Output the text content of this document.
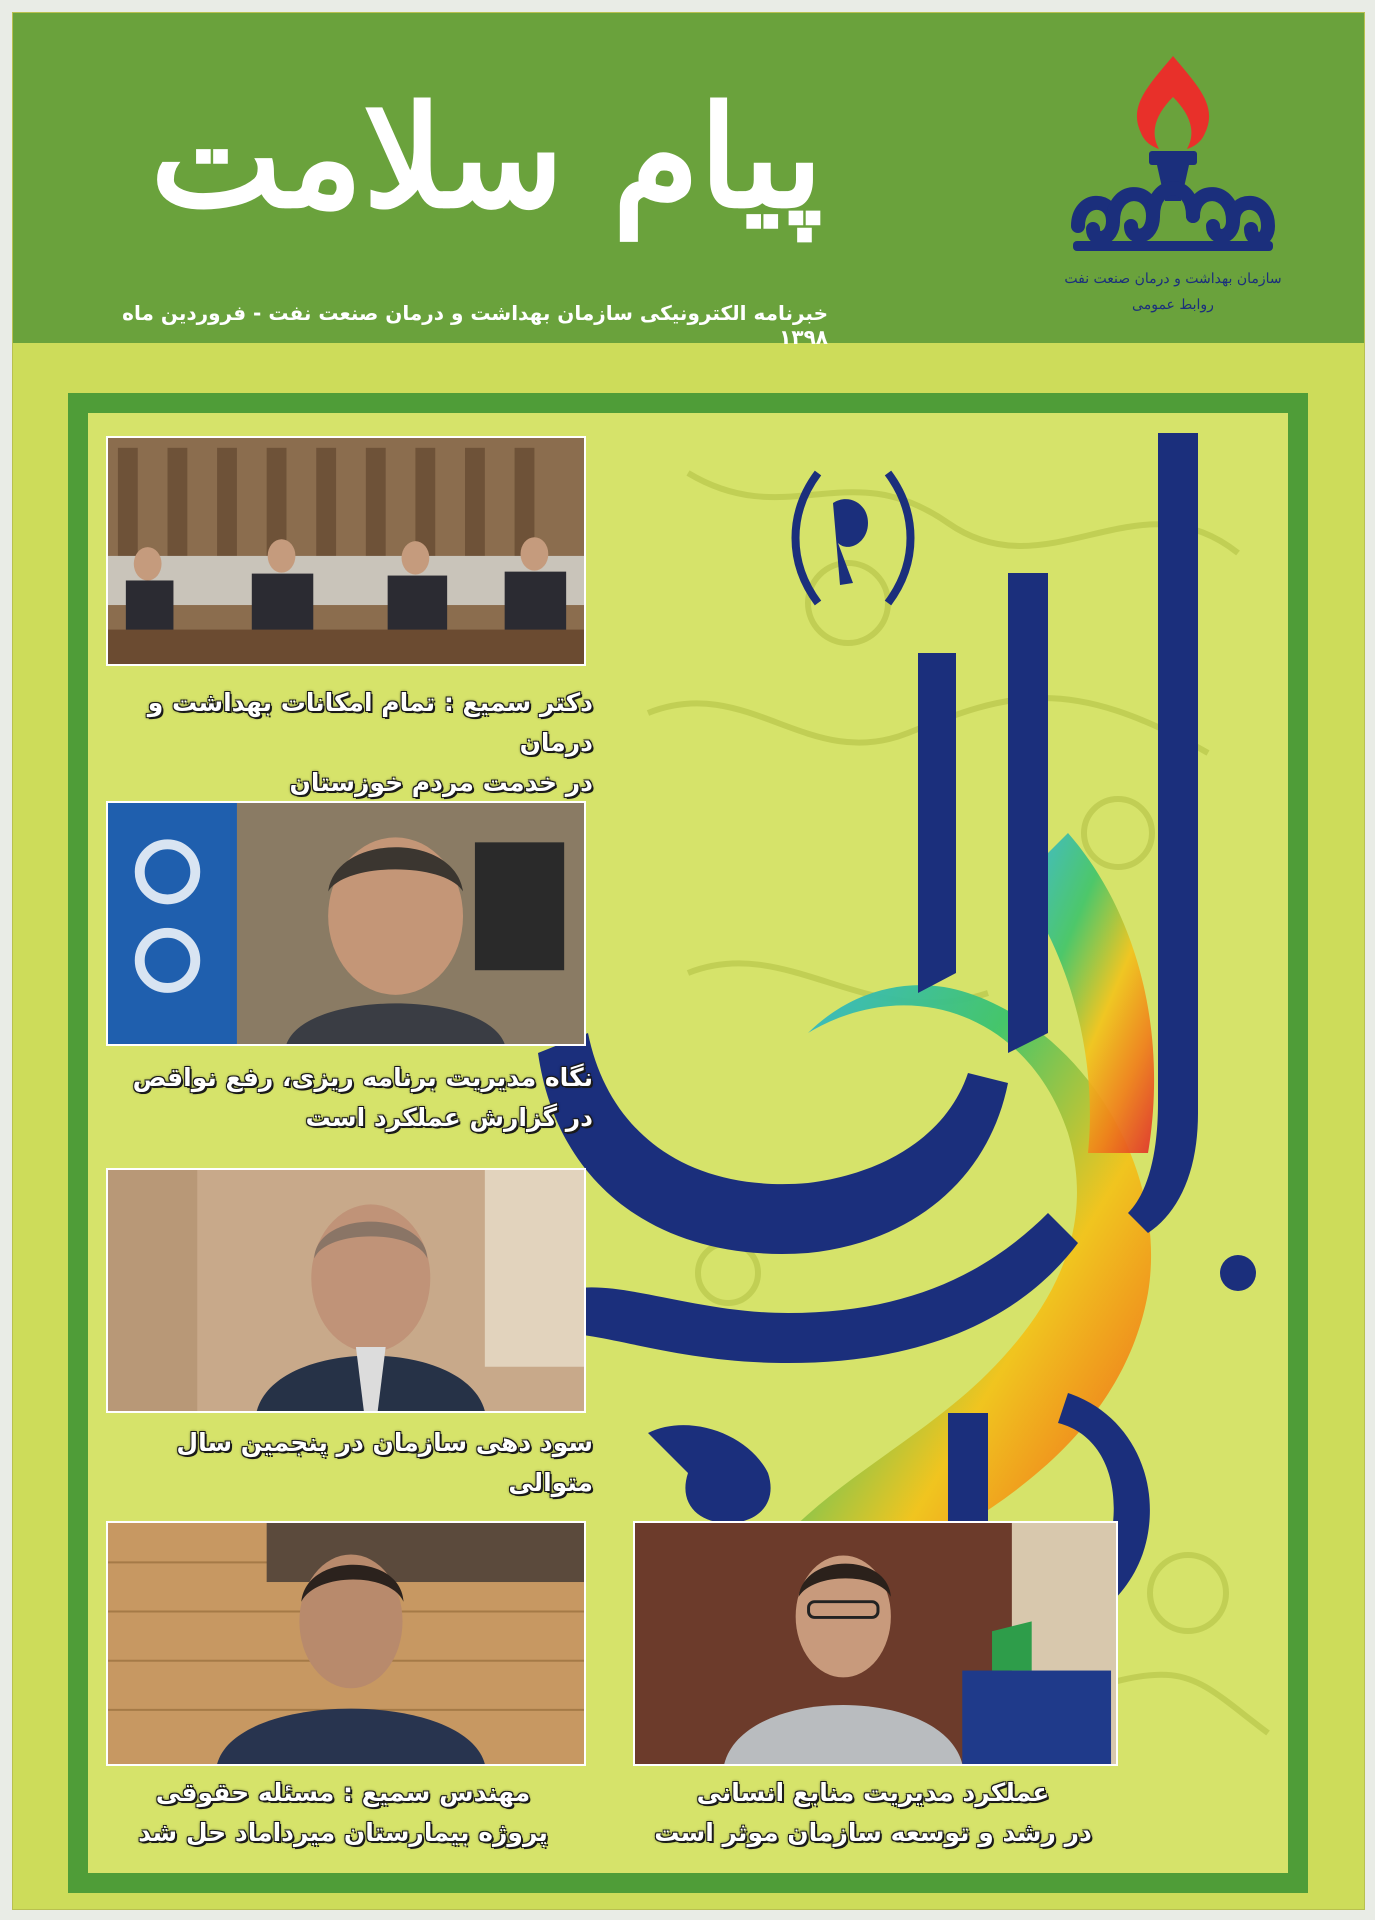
پیام سلامت
خبرنامه الکترونیکی سازمان بهداشت و درمان صنعت نفت - فروردین ماه ۱۳۹۸
سازمان بهداشت و درمان صنعت نفت
روابط عمومی
دکتر سمیع : تمام امکانات بهداشت و درمان
در خدمت مردم خوزستان
نگاه مدیریت برنامه ریزی، رفع نواقص
در گزارش عملکرد است
سود دهی سازمان در پنجمین سال متوالی
مهندس سمیع : مسئله حقوقی
پروژه بیمارستان میرداماد حل شد
عملکرد مدیریت منابع انسانی
در رشد و توسعه سازمان موثر است
